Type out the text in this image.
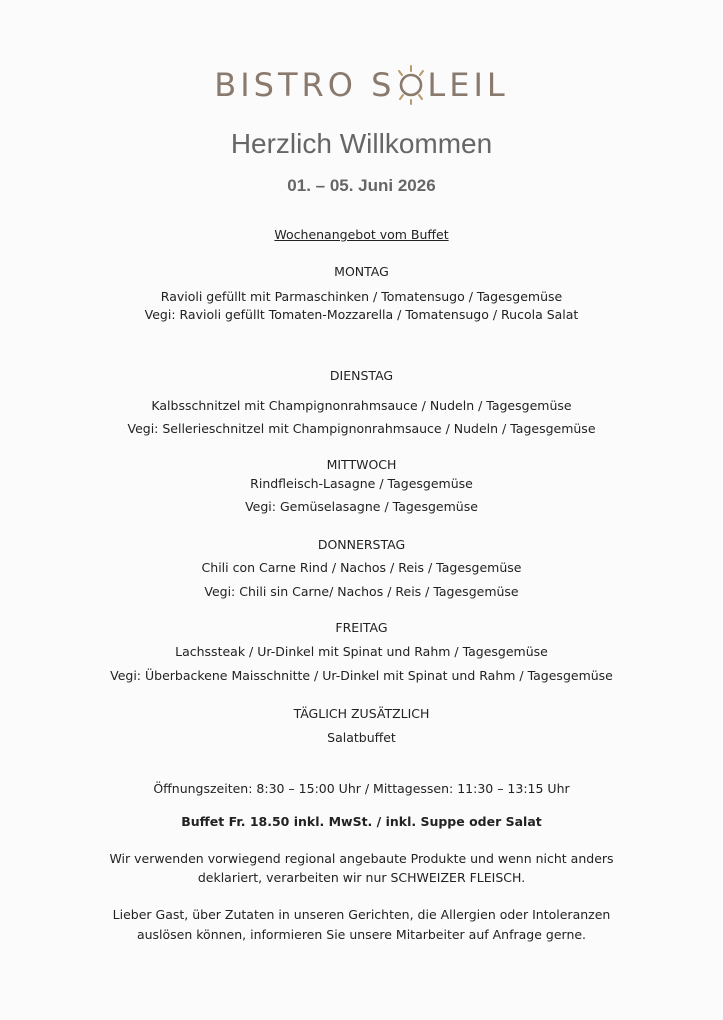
BISTRO S LEIL
Herzlich Willkommen
01. – 05. Juni 2026
Wochenangebot vom Buffet
MONTAG
Ravioli gefüllt mit Parmaschinken / Tomatensugo / Tagesgemüse
Vegi: Ravioli gefüllt Tomaten-Mozzarella / Tomatensugo / Rucola Salat
DIENSTAG
Kalbsschnitzel mit Champignonrahmsauce / Nudeln / Tagesgemüse
Vegi: Sellerieschnitzel mit Champignonrahmsauce / Nudeln / Tagesgemüse
MITTWOCH
Rindfleisch-Lasagne / Tagesgemüse
Vegi: Gemüselasagne / Tagesgemüse
DONNERSTAG
Chili con Carne Rind / Nachos / Reis / Tagesgemüse
Vegi: Chili sin Carne/ Nachos / Reis / Tagesgemüse
FREITAG
Lachssteak / Ur-Dinkel mit Spinat und Rahm / Tagesgemüse
Vegi: Überbackene Maisschnitte / Ur-Dinkel mit Spinat und Rahm / Tagesgemüse
TÄGLICH ZUSÄTZLICH
Salatbuffet
Öffnungszeiten: 8:30 – 15:00 Uhr / Mittagessen: 11:30 – 13:15 Uhr
Buffet Fr. 18.50 inkl. MwSt. / inkl. Suppe oder Salat
Wir verwenden vorwiegend regional angebaute Produkte und wenn nicht anders
deklariert, verarbeiten wir nur SCHWEIZER FLEISCH.
Lieber Gast, über Zutaten in unseren Gerichten, die Allergien oder Intoleranzen
auslösen können, informieren Sie unsere Mitarbeiter auf Anfrage gerne.
